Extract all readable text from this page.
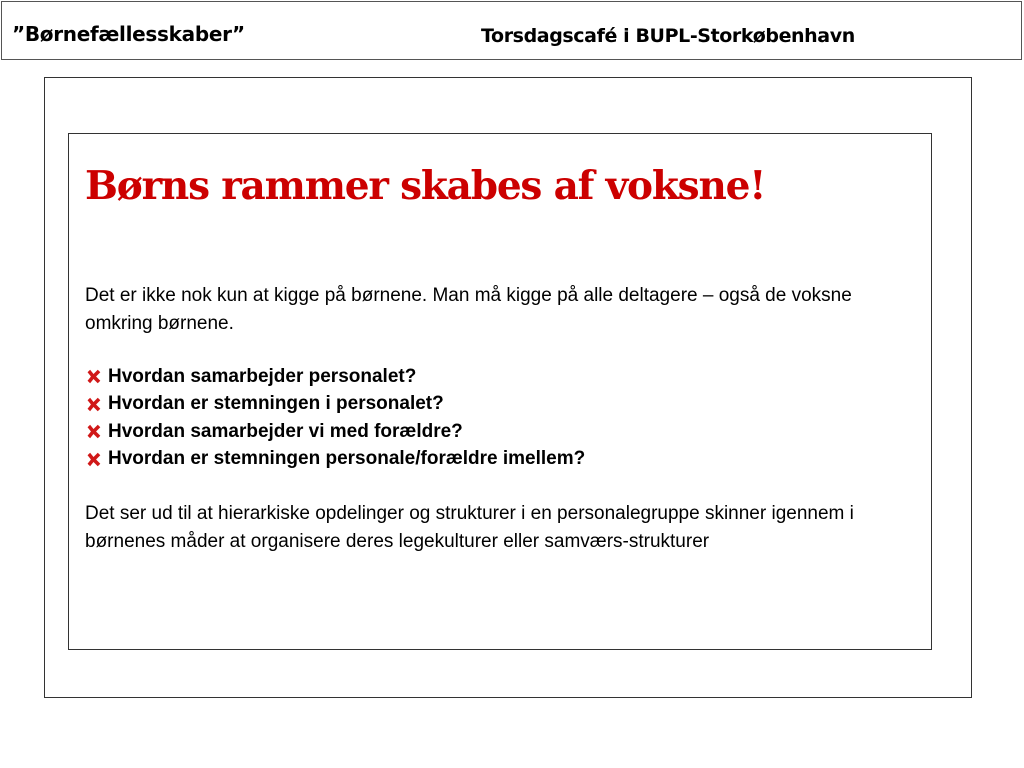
”Børnefællesskaber”	Torsdagscafé i BUPL-Storkøbenhavn
Børns rammer skabes af voksne!

Det er ikke nok kun at kigge på børnene. Man må kigge på alle deltagere – også de voksne omkring børnene.

Hvordan samarbejder personalet?
Hvordan er stemningen i personalet?
Hvordan samarbejder vi med forældre?
Hvordan er stemningen personale/forældre imellem?

Det ser ud til at hierarkiske opdelinger og strukturer i en personalegruppe skinner igennem i børnenes måder at organisere deres legekulturer eller samværs-strukturer
